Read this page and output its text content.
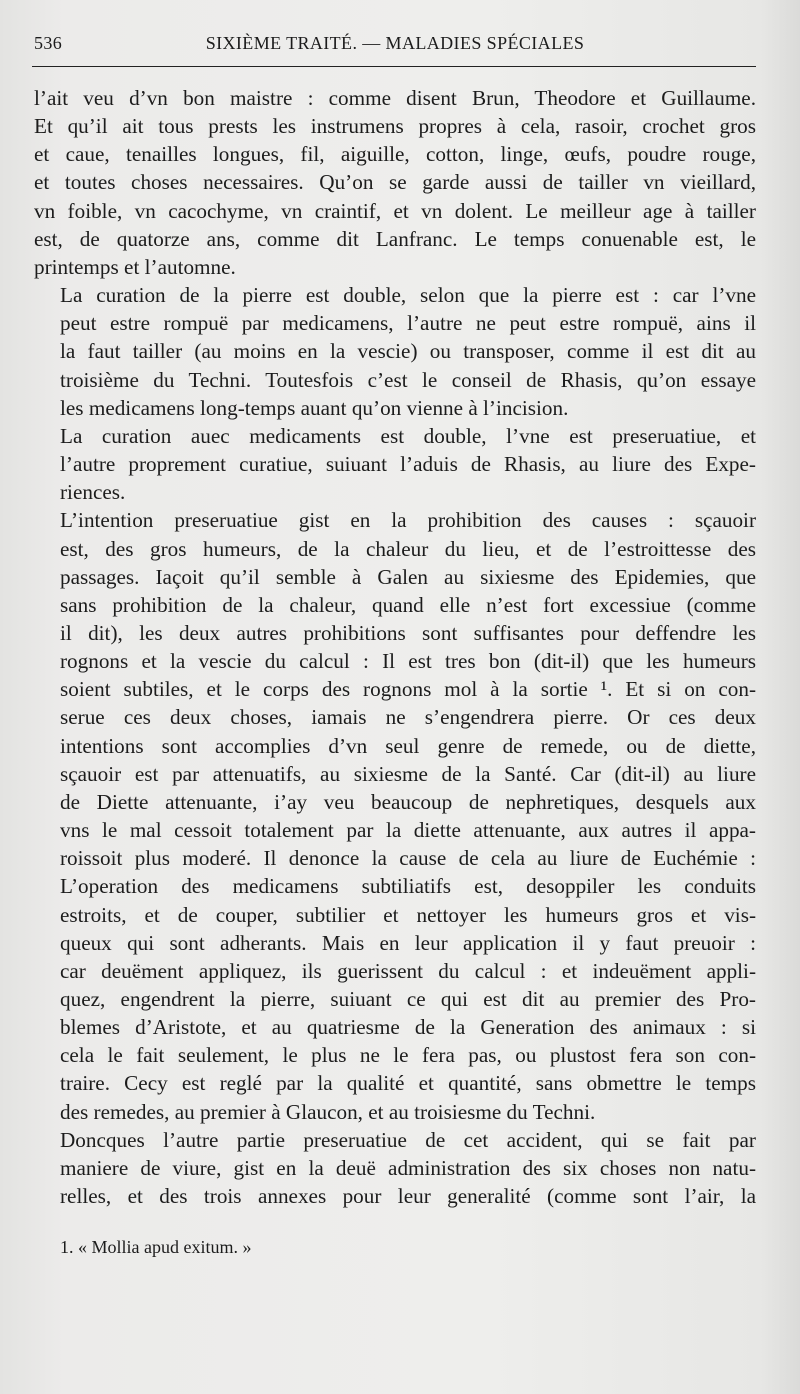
536	SIXIÈME TRAITÉ. — MALADIES SPÉCIALES

l’ait veu d’vn bon maistre : comme disent Brun, Theodore et Guillaume.
Et qu’il ait tous prests les instrumens propres à cela, rasoir, crochet gros
et caue, tenailles longues, fil, aiguille, cotton, linge, œufs, poudre rouge,
et toutes choses necessaires. Qu’on se garde aussi de tailler vn vieillard,
vn foible, vn cacochyme, vn craintif, et vn dolent. Le meilleur age à tailler
est, de quatorze ans, comme dit Lanfranc. Le temps conuenable est, le
printemps et l’automne.

La curation de la pierre est double, selon que la pierre est : car l’vne
peut estre rompuë par medicamens, l’autre ne peut estre rompuë, ains il
la faut tailler (au moins en la vescie) ou transposer, comme il est dit au
troisième du Techni. Toutesfois c’est le conseil de Rhasis, qu’on essaye
les medicamens long-temps auant qu’on vienne à l’incision.

La curation auec medicaments est double, l’vne est preseruatiue, et
l’autre proprement curatiue, suiuant l’aduis de Rhasis, au liure des Expe-
riences.

L’intention preseruatiue gist en la prohibition des causes : sçauoir
est, des gros humeurs, de la chaleur du lieu, et de l’estroittesse des
passages. Iaçoit qu’il semble à Galen au sixiesme des Epidemies, que
sans prohibition de la chaleur, quand elle n’est fort excessiue (comme
il dit), les deux autres prohibitions sont suffisantes pour deffendre les
rognons et la vescie du calcul : Il est tres bon (dit-il) que les humeurs
soient subtiles, et le corps des rognons mol à la sortie ¹. Et si on con-
serue ces deux choses, iamais ne s’engendrera pierre. Or ces deux
intentions sont accomplies d’vn seul genre de remede, ou de diette,
sçauoir est par attenuatifs, au sixiesme de la Santé. Car (dit-il) au liure
de Diette attenuante, i’ay veu beaucoup de nephretiques, desquels aux
vns le mal cessoit totalement par la diette attenuante, aux autres il appa-
roissoit plus moderé. Il denonce la cause de cela au liure de Euchémie :
L’operation des medicamens subtiliatifs est, desoppiler les conduits
estroits, et de couper, subtilier et nettoyer les humeurs gros et vis-
queux qui sont adherants. Mais en leur application il y faut preuoir :
car deuëment appliquez, ils guerissent du calcul : et indeuëment appli-
quez, engendrent la pierre, suiuant ce qui est dit au premier des Pro-
blemes d’Aristote, et au quatriesme de la Generation des animaux : si
cela le fait seulement, le plus ne le fera pas, ou plustost fera son con-
traire. Cecy est reglé par la qualité et quantité, sans obmettre le temps
des remedes, au premier à Glaucon, et au troisiesme du Techni.

Doncques l’autre partie preseruatiue de cet accident, qui se fait par
maniere de viure, gist en la deuë administration des six choses non natu-
relles, et des trois annexes pour leur generalité (comme sont l’air, la

1. « Mollia apud exitum. »
